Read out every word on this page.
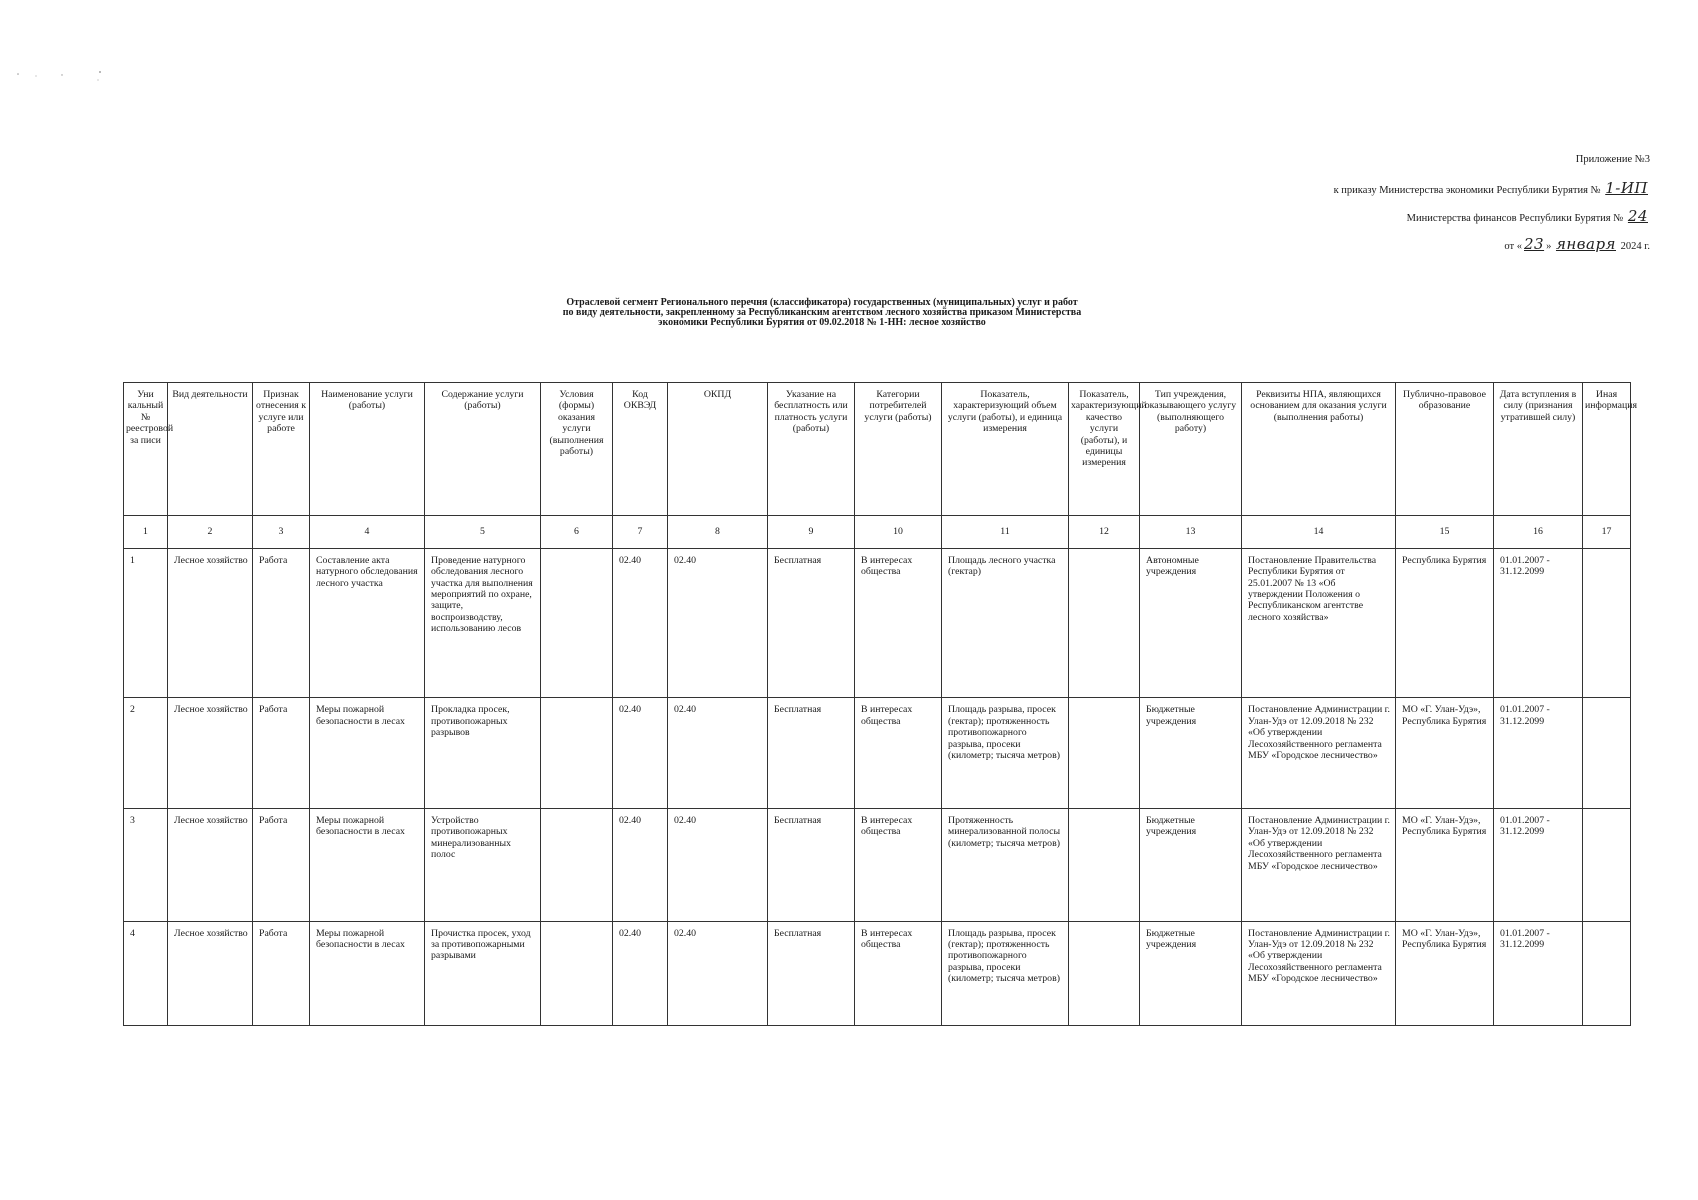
Приложение №3
к приказу Министерства экономики Республики Бурятия № 1-ИП
Министерства финансов Республики Бурятия № 24
от « 23 » января 2024 г.
Отраслевой сегмент Регионального перечня (классификатора) государственных (муниципальных) услуг и работ по виду деятельности, закрепленному за Республиканским агентством лесного хозяйства приказом Министерства экономики Республики Бурятия от 09.02.2018 № 1-НН: лесное хозяйство
Уни кальный № реестровой за писи	Вид деятельности	Признак отнесения к услуге или работе	Наименование услуги (работы)	Содержание услуги (работы)	Условия (формы) оказания услуги (выполнения работы)	Код ОКВЭД	ОКПД	Указание на бесплатность или платность услуги (работы)	Категории потребителей услуги (работы)	Показатель, характеризующий объем услуги (работы), и единица измерения	Показатель, характеризующий качество услуги (работы), и единицы измерения	Тип учреждения, оказывающего услугу (выполняющего работу)	Реквизиты НПА, являющихся основанием для оказания услуги (выполнения работы)	Публично-правовое образование	Дата вступления в силу (признания утратившей силу)	Иная информация
1	2	3	4	5	6	7	8	9	10	11	12	13	14	15	16	17
1	Лесное хозяйство	Работа	Составление акта натурного обследования лесного участка	Проведение натурного обследования лесного участка для выполнения мероприятий по охране, защите, воспроизводству, использованию лесов		02.40	02.40	Бесплатная	В интересах общества	Площадь лесного участка (гектар)		Автономные учреждения	Постановление Правительства Республики Бурятия от 25.01.2007 № 13 «Об утверждении Положения о Республиканском агентстве лесного хозяйства»	Республика Бурятия	01.01.2007 - 31.12.2099	
2	Лесное хозяйство	Работа	Меры пожарной безопасности в лесах	Прокладка просек, противопожарных разрывов		02.40	02.40	Бесплатная	В интересах общества	Площадь разрыва, просек (гектар); протяженность противопожарного разрыва, просеки (километр; тысяча метров)		Бюджетные учреждения	Постановление Администрации г. Улан-Удэ от 12.09.2018 № 232 «Об утверждении Лесохозяйственного регламента МБУ «Городское лесничество»	МО «Г. Улан-Удэ», Республика Бурятия	01.01.2007 - 31.12.2099	
3	Лесное хозяйство	Работа	Меры пожарной безопасности в лесах	Устройство противопожарных минерализованных полос		02.40	02.40	Бесплатная	В интересах общества	Протяженность минерализованной полосы (километр; тысяча метров)		Бюджетные учреждения	Постановление Администрации г. Улан-Удэ от 12.09.2018 № 232 «Об утверждении Лесохозяйственного регламента МБУ «Городское лесничество»	МО «Г. Улан-Удэ», Республика Бурятия	01.01.2007 - 31.12.2099	
4	Лесное хозяйство	Работа	Меры пожарной безопасности в лесах	Прочистка просек, уход за противопожарными разрывами		02.40	02.40	Бесплатная	В интересах общества	Площадь разрыва, просек (гектар); протяженность противопожарного разрыва, просеки (километр; тысяча метров)		Бюджетные учреждения	Постановление Администрации г. Улан-Удэ от 12.09.2018 № 232 «Об утверждении Лесохозяйственного регламента МБУ «Городское лесничество»	МО «Г. Улан-Удэ», Республика Бурятия	01.01.2007 - 31.12.2099	
